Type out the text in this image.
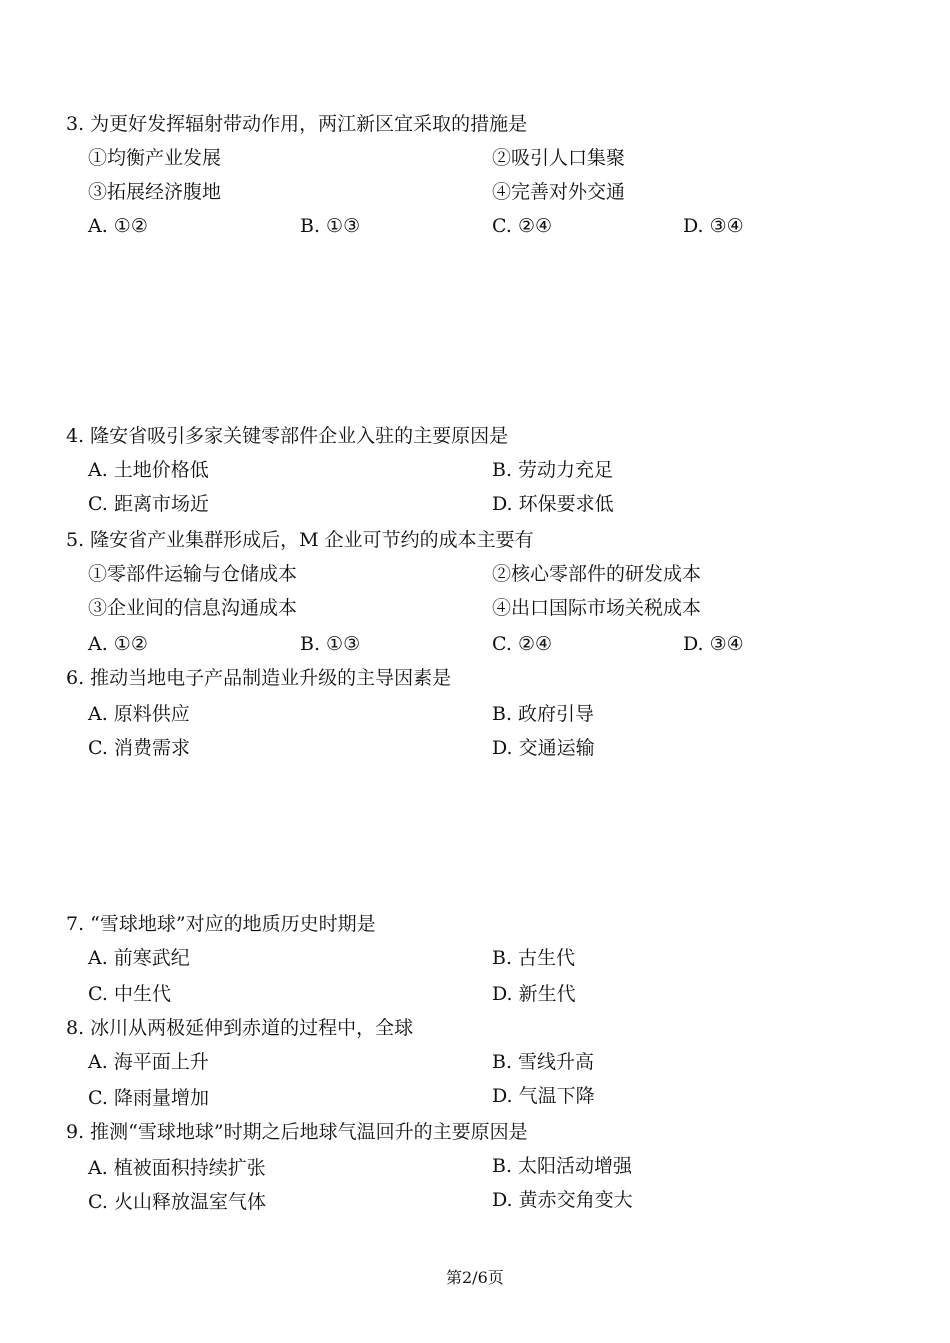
3. 为更好发挥辐射带动作用，两江新区宜采取的措施是
①均衡产业发展	②吸引人口集聚
③拓展经济腹地	④完善对外交通
A. ①②	B. ①③	C. ②④	D. ③④
4. 隆安省吸引多家关键零部件企业入驻的主要原因是
A. 土地价格低	B. 劳动力充足
C. 距离市场近	D. 环保要求低
5. 隆安省产业集群形成后，M 企业可节约的成本主要有
①零部件运输与仓储成本	②核心零部件的研发成本
③企业间的信息沟通成本	④出口国际市场关税成本
A. ①②	B. ①③	C. ②④	D. ③④
6. 推动当地电子产品制造业升级的主导因素是
A. 原料供应	B. 政府引导
C. 消费需求	D. 交通运输
7. “雪球地球”对应的地质历史时期是
A. 前寒武纪	B. 古生代
C. 中生代	D. 新生代
8. 冰川从两极延伸到赤道的过程中，全球
A. 海平面上升	B. 雪线升高
C. 降雨量增加	D. 气温下降
9. 推测“雪球地球”时期之后地球气温回升的主要原因是
A. 植被面积持续扩张	B. 太阳活动增强
C. 火山释放温室气体	D. 黄赤交角变大
第2/6页
